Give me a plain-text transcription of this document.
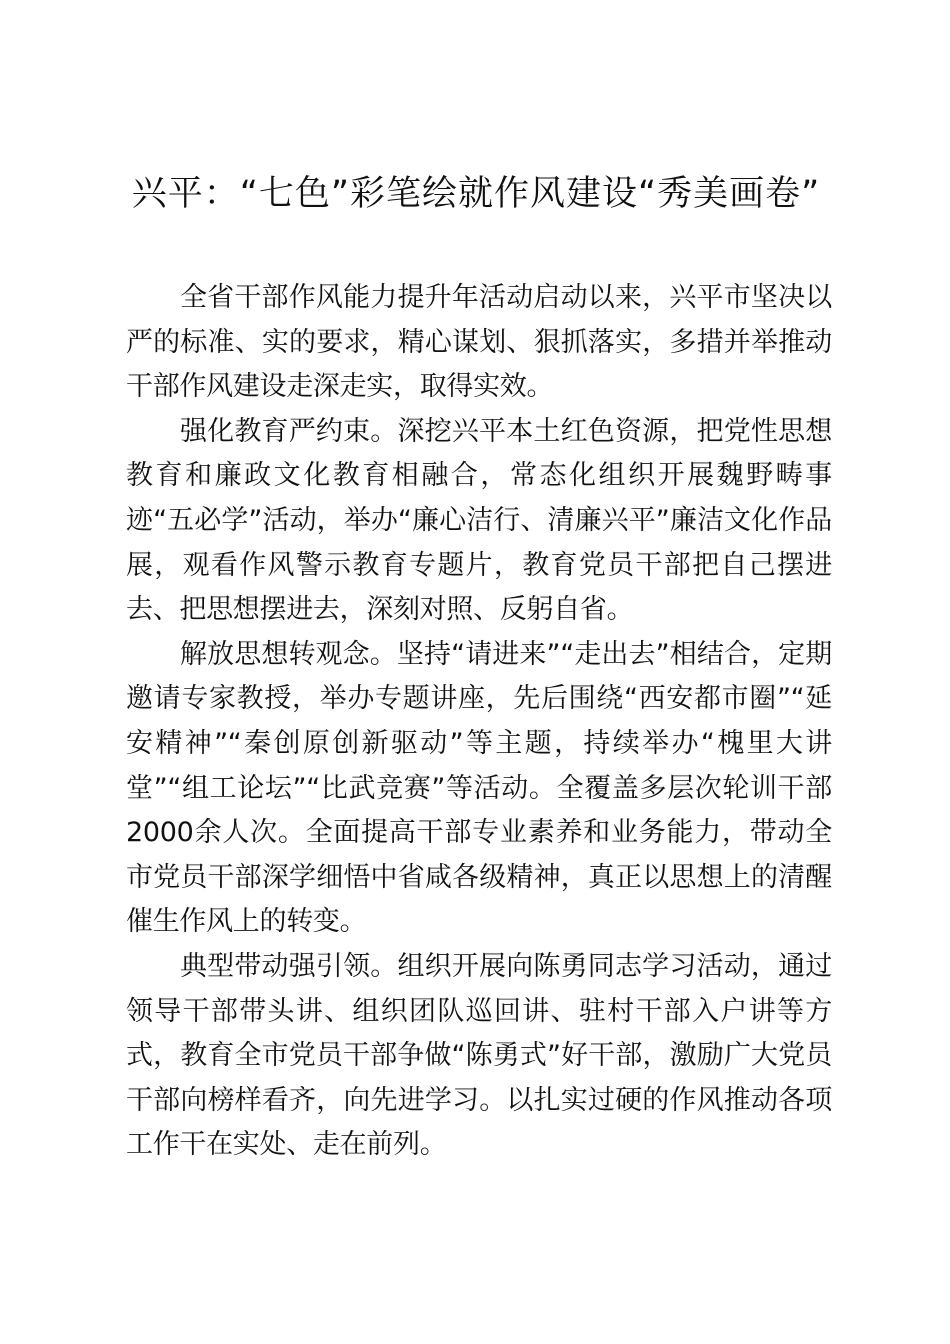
兴平：“七色”彩笔绘就作风建设“秀美画卷”

全省干部作风能力提升年活动启动以来，兴平市坚决以严的标准、实的要求，精心谋划、狠抓落实，多措并举推动干部作风建设走深走实，取得实效。

强化教育严约束。深挖兴平本土红色资源，把党性思想教育和廉政文化教育相融合，常态化组织开展魏野畴事迹“五必学”活动，举办“廉心洁行、清廉兴平”廉洁文化作品展，观看作风警示教育专题片，教育党员干部把自己摆进去、把思想摆进去，深刻对照、反躬自省。

解放思想转观念。坚持“请进来”“走出去”相结合，定期邀请专家教授，举办专题讲座，先后围绕“西安都市圈”“延安精神”“秦创原创新驱动”等主题，持续举办“槐里大讲堂”“组工论坛”“比武竞赛”等活动。全覆盖多层次轮训干部2000余人次。全面提高干部专业素养和业务能力，带动全市党员干部深学细悟中省咸各级精神，真正以思想上的清醒催生作风上的转变。

典型带动强引领。组织开展向陈勇同志学习活动，通过领导干部带头讲、组织团队巡回讲、驻村干部入户讲等方式，教育全市党员干部争做“陈勇式”好干部，激励广大党员干部向榜样看齐，向先进学习。以扎实过硬的作风推动各项工作干在实处、走在前列。
